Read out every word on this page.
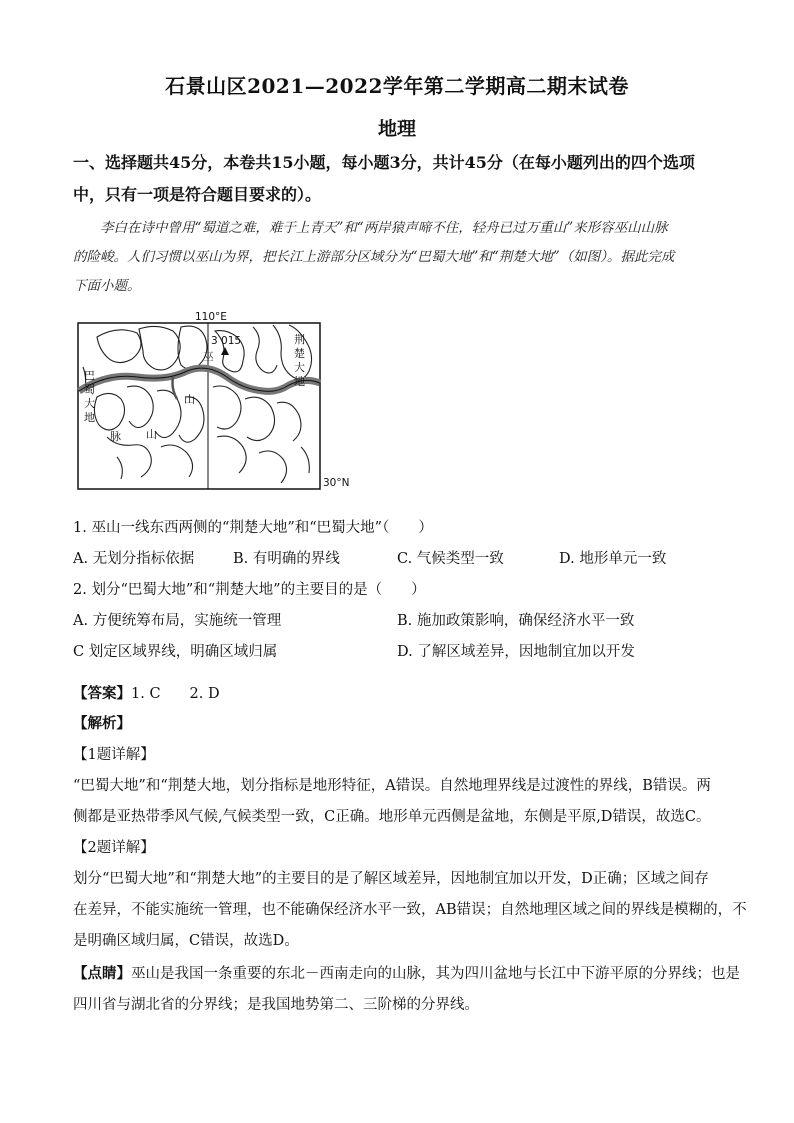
石景山区2021—2022学年第二学期高二期末试卷
地理
一、选择题共45分，本卷共15小题，每小题3分，共计45分（在每小题列出的四个选项
中，只有一项是符合题目要求的）。
李白在诗中曾用“蜀道之难，难于上青天”和“两岸猿声啼不住，轻舟已过万重山”来形容巫山山脉
的险峻。人们习惯以巫山为界，把长江上游部分区域分为“巴蜀大地”和“荆楚大地”（如图）。据此完成
下面小题。
110°E
30°N
3 015
巫
巴
蜀
大
地
荆
楚
大
地
山
山
脉
1. 巫山一线东西两侧的“荆楚大地”和“巴蜀大地”（　　）
A. 无划分指标依据	B. 有明确的界线	C. 气候类型一致	D. 地形单元一致
2. 划分“巴蜀大地”和“荆楚大地”的主要目的是（　　）
A. 方便统筹布局，实施统一管理	B. 施加政策影响，确保经济水平一致
C 划定区域界线，明确区域归属	D. 了解区域差异，因地制宜加以开发
【答案】1. C　　2. D
【解析】
【1题详解】
“巴蜀大地”和“荆楚大地，划分指标是地形特征，A错误。自然地理界线是过渡性的界线，B错误。两
侧都是亚热带季风气候,气候类型一致，C正确。地形单元西侧是盆地，东侧是平原,D错误，故选C。
【2题详解】
划分“巴蜀大地”和“荆楚大地”的主要目的是了解区域差异，因地制宜加以开发，D正确；区域之间存
在差异，不能实施统一管理，也不能确保经济水平一致，AB错误；自然地理区域之间的界线是模糊的，不
是明确区域归属，C错误，故选D。
【点睛】巫山是我国一条重要的东北－西南走向的山脉，其为四川盆地与长江中下游平原的分界线；也是
四川省与湖北省的分界线；是我国地势第二、三阶梯的分界线。
